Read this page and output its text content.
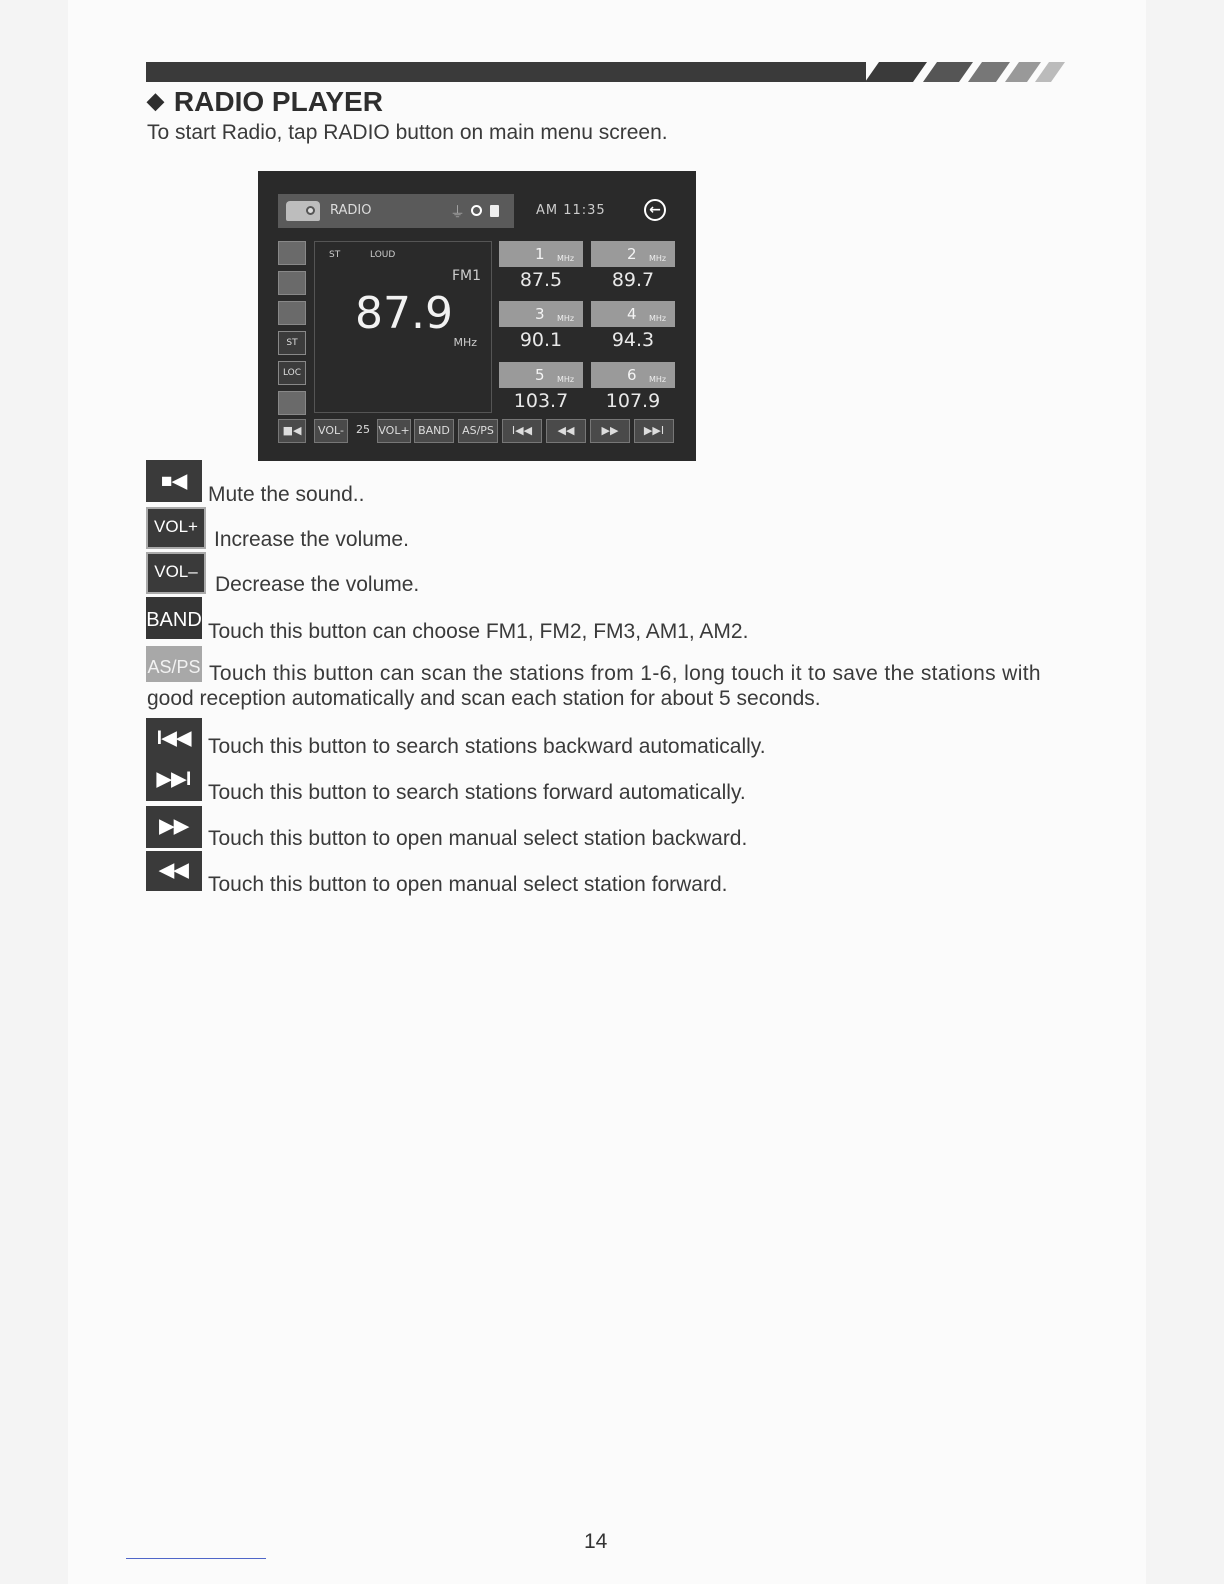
◆ RADIO PLAYER
To start Radio, tap RADIO button on main menu screen.
RADIO	⏚	AM 11:35	←
ST
LOC
ST	LOUD
FM1
87.9
MHz
1 MHz
87.5
2 MHz
89.7
3 MHz
90.1
4 MHz
94.3
5 MHz
103.7
6 MHz
107.9
■◀	VOL-	25 VOL+ BAND	AS/PS	I◀◀	◀◀	▶▶	▶▶I
■◀
Mute the sound..
VOL+
Increase the volume.
VOL–
Decrease the volume.
BAND Touch this button can choose FM1, FM2, FM3, AM1, AM2.
AS/PS Touch this button can scan the stations from 1-6, long touch it to save the stations with
good reception automatically and scan each station for about 5 seconds.
I◀◀ Touch this button to search stations backward automatically.
▶▶I
Touch this button to search stations forward automatically.
▶▶
Touch this button to open manual select station backward.
◀◀
Touch this button to open manual select station forward.
14
